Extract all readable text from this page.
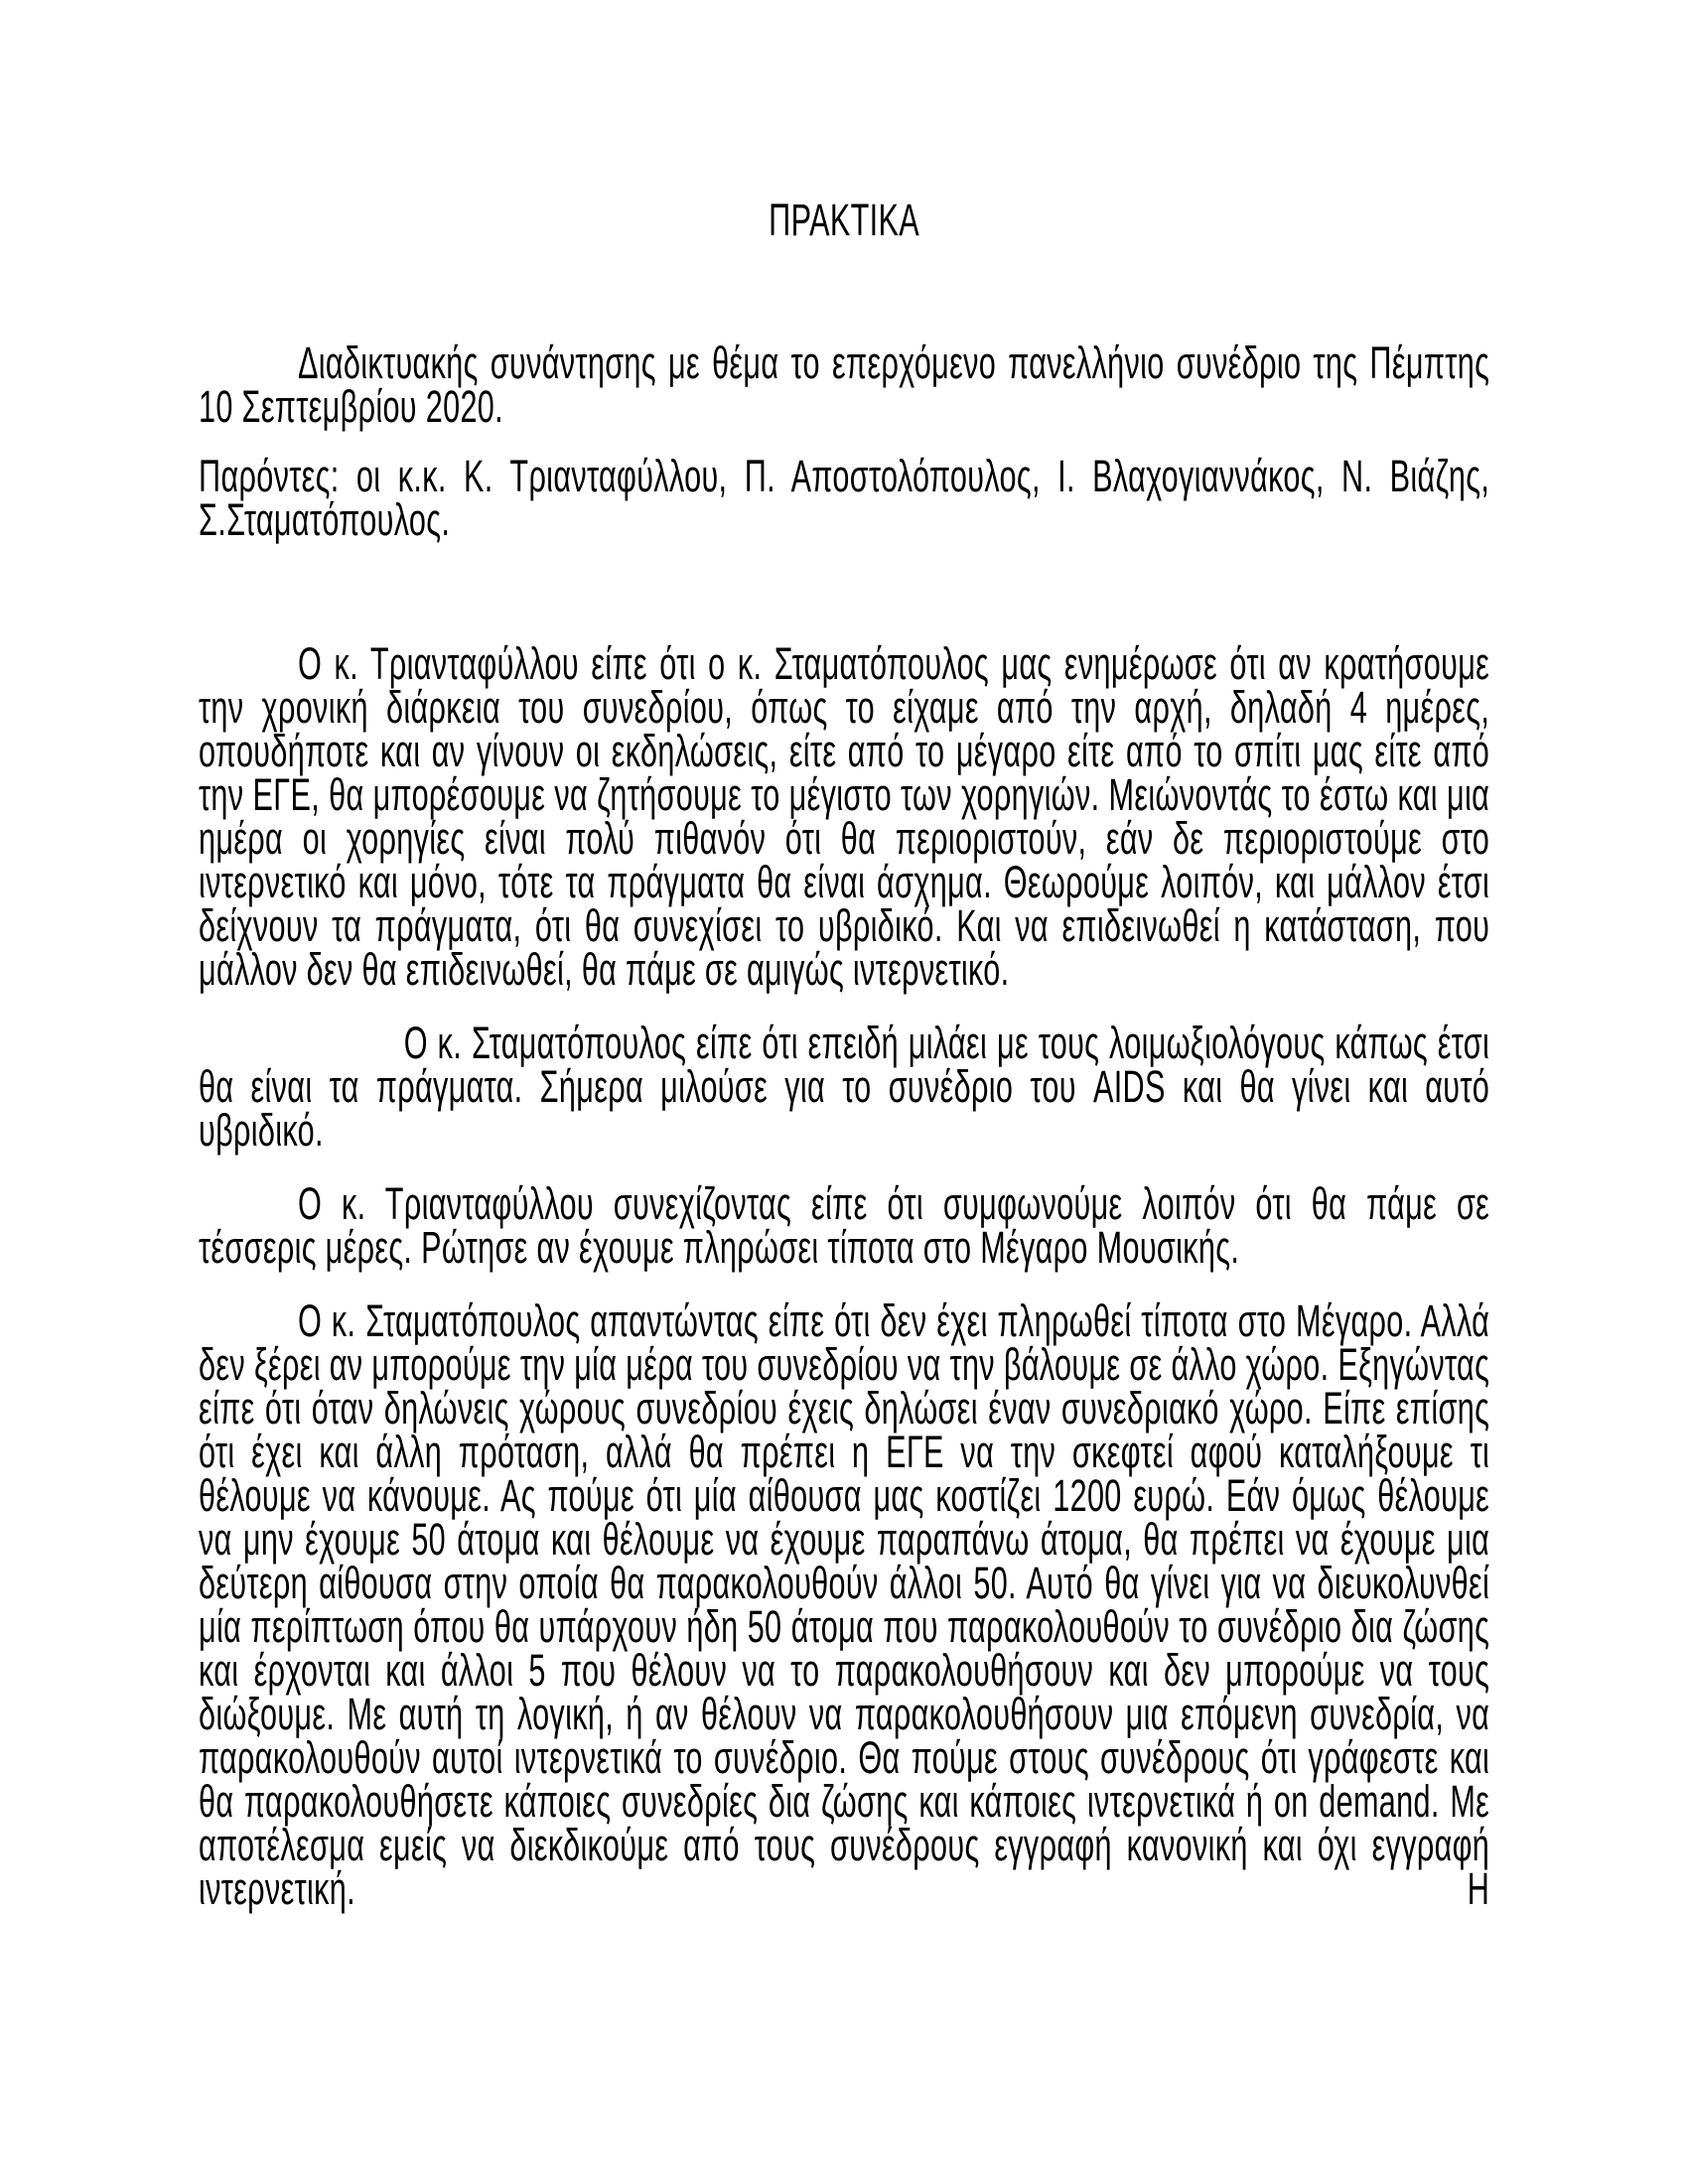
ΠΡΑΚΤΙΚΑ

Διαδικτυακής συνάντησης με θέμα το επερχόμενο πανελλήνιο συνέδριο της Πέμπτης 10 Σεπτεμβρίου 2020.

Παρόντες: οι κ.κ. Κ. Τριανταφύλλου, Π. Αποστολόπουλος, Ι. Βλαχογιαννάκος, Ν. Βιάζης, Σ.Σταματόπουλος.

Ο κ. Τριανταφύλλου είπε ότι ο κ. Σταματόπουλος μας ενημέρωσε ότι αν κρατήσουμε την χρονική διάρκεια του συνεδρίου, όπως το είχαμε από την αρχή, δηλαδή 4 ημέρες, οπουδήποτε και αν γίνουν οι εκδηλώσεις, είτε από το μέγαρο είτε από το σπίτι μας είτε από την ΕΓΕ, θα μπορέσουμε να ζητήσουμε το μέγιστο των χορηγιών. Μειώνοντάς το έστω και μια ημέρα οι χορηγίες είναι πολύ πιθανόν ότι θα περιοριστούν, εάν δε περιοριστούμε στο ιντερνετικό και μόνο, τότε τα πράγματα θα είναι άσχημα. Θεωρούμε λοιπόν, και μάλλον έτσι δείχνουν τα πράγματα, ότι θα συνεχίσει το υβριδικό. Και να επιδεινωθεί η κατάσταση, που μάλλον δεν θα επιδεινωθεί, θα πάμε σε αμιγώς ιντερνετικό.

Ο κ. Σταματόπουλος είπε ότι επειδή μιλάει με τους λοιμωξιολόγους κάπως έτσι θα είναι τα πράγματα. Σήμερα μιλούσε για το συνέδριο του AIDS και θα γίνει και αυτό υβριδικό.

Ο κ. Τριανταφύλλου συνεχίζοντας είπε ότι συμφωνούμε λοιπόν ότι θα πάμε σε τέσσερις μέρες. Ρώτησε αν έχουμε πληρώσει τίποτα στο Μέγαρο Μουσικής.

Ο κ. Σταματόπουλος απαντώντας είπε ότι δεν έχει πληρωθεί τίποτα στο Μέγαρο. Αλλά δεν ξέρει αν μπορούμε την μία μέρα του συνεδρίου να την βάλουμε σε άλλο χώρο. Εξηγώντας είπε ότι όταν δηλώνεις χώρους συνεδρίου έχεις δηλώσει έναν συνεδριακό χώρο. Είπε επίσης ότι έχει και άλλη πρόταση, αλλά θα πρέπει η ΕΓΕ να την σκεφτεί αφού καταλήξουμε τι θέλουμε να κάνουμε. Ας πούμε ότι μία αίθουσα μας κοστίζει 1200 ευρώ. Εάν όμως θέλουμε να μην έχουμε 50 άτομα και θέλουμε να έχουμε παραπάνω άτομα, θα πρέπει να έχουμε μια δεύτερη αίθουσα στην οποία θα παρακολουθούν άλλοι 50. Αυτό θα γίνει για να διευκολυνθεί μία περίπτωση όπου θα υπάρχουν ήδη 50 άτομα που παρακολουθούν το συνέδριο δια ζώσης και έρχονται και άλλοι 5 που θέλουν να το παρακολουθήσουν και δεν μπορούμε να τους διώξουμε. Με αυτή τη λογική, ή αν θέλουν να παρακολουθήσουν μια επόμενη συνεδρία, να παρακολουθούν αυτοί ιντερνετικά το συνέδριο. Θα πούμε στους συνέδρους ότι γράφεστε και θα παρακολουθήσετε κάποιες συνεδρίες δια ζώσης και κάποιες ιντερνετικά ή on demand. Με αποτέλεσμα εμείς να διεκδικούμε από τους συνέδρους εγγραφή κανονική και όχι εγγραφή ιντερνετική. Η
